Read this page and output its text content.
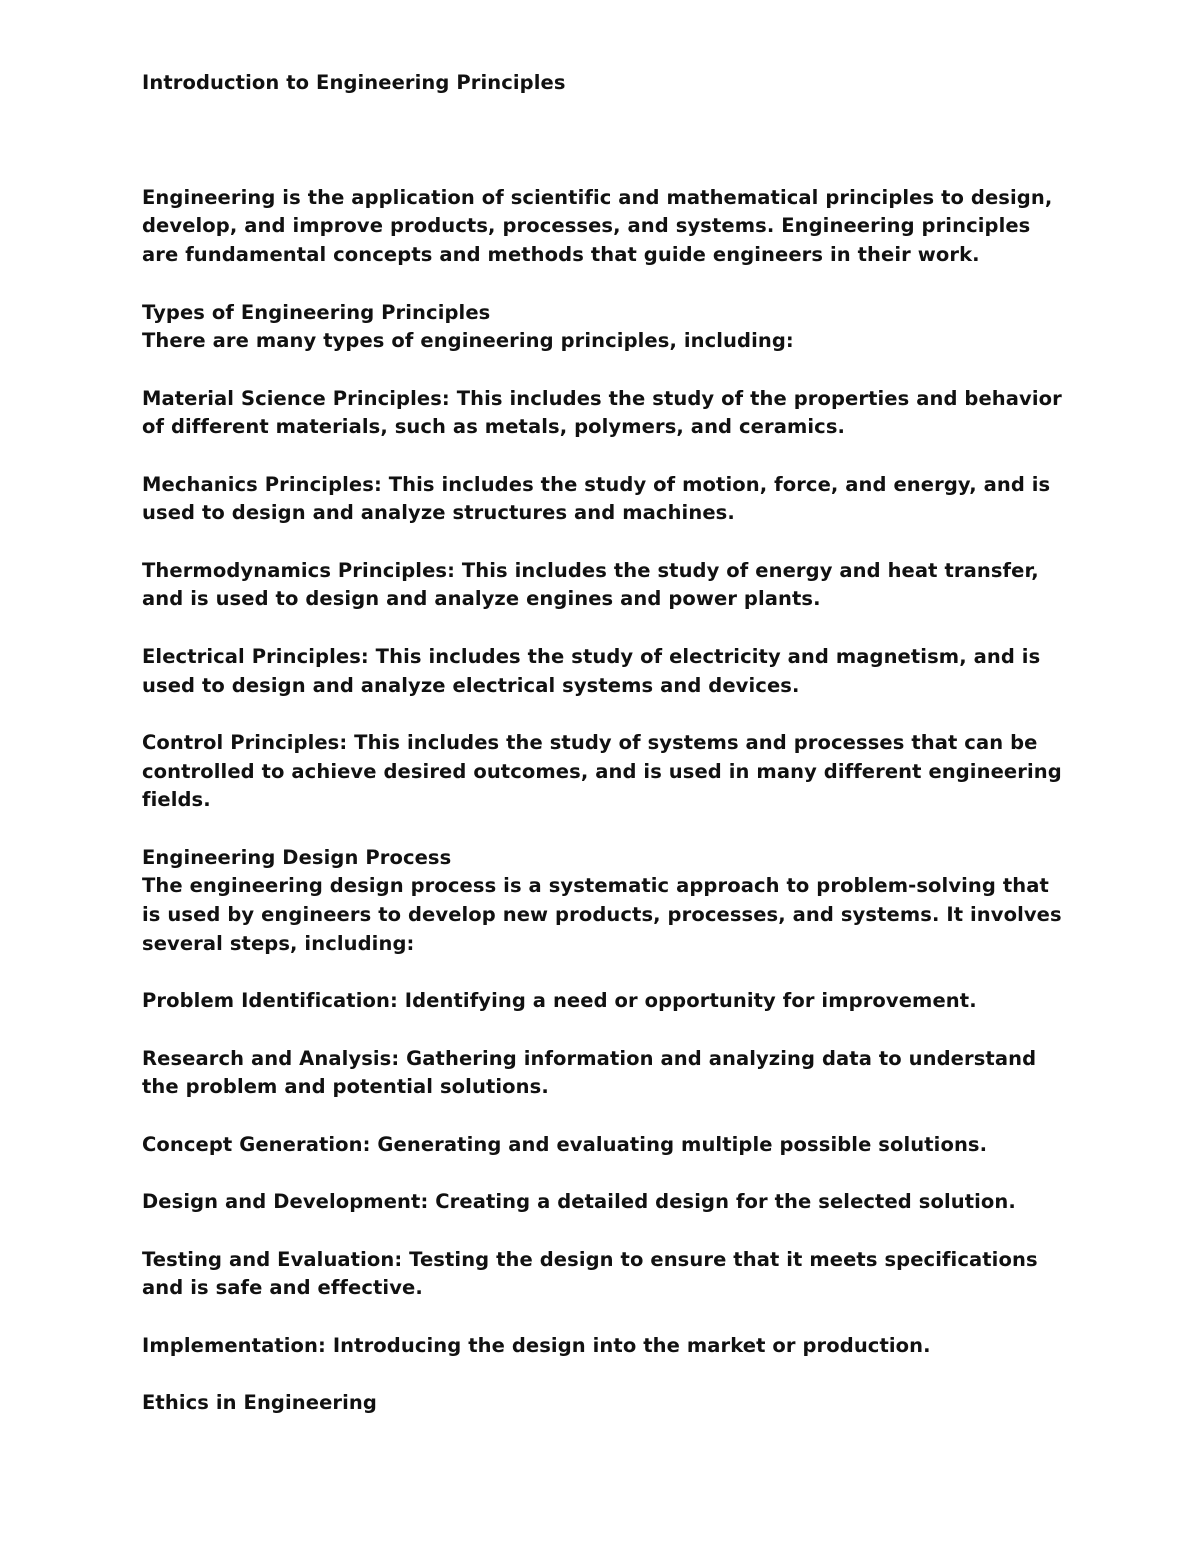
Introduction to Engineering Principles

Engineering is the application of scientific and mathematical principles to design, develop, and improve products, processes, and systems. Engineering principles are fundamental concepts and methods that guide engineers in their work.

Types of Engineering Principles

There are many types of engineering principles, including:

Material Science Principles: This includes the study of the properties and behavior of different materials, such as metals, polymers, and ceramics.

Mechanics Principles: This includes the study of motion, force, and energy, and is used to design and analyze structures and machines.

Thermodynamics Principles: This includes the study of energy and heat transfer, and is used to design and analyze engines and power plants.

Electrical Principles: This includes the study of electricity and magnetism, and is used to design and analyze electrical systems and devices.

Control Principles: This includes the study of systems and processes that can be controlled to achieve desired outcomes, and is used in many different engineering fields.

Engineering Design Process

The engineering design process is a systematic approach to problem-solving that is used by engineers to develop new products, processes, and systems. It involves several steps, including:

Problem Identification: Identifying a need or opportunity for improvement.

Research and Analysis: Gathering information and analyzing data to understand the problem and potential solutions.

Concept Generation: Generating and evaluating multiple possible solutions.

Design and Development: Creating a detailed design for the selected solution.

Testing and Evaluation: Testing the design to ensure that it meets specifications and is safe and effective.

Implementation: Introducing the design into the market or production.

Ethics in Engineering
